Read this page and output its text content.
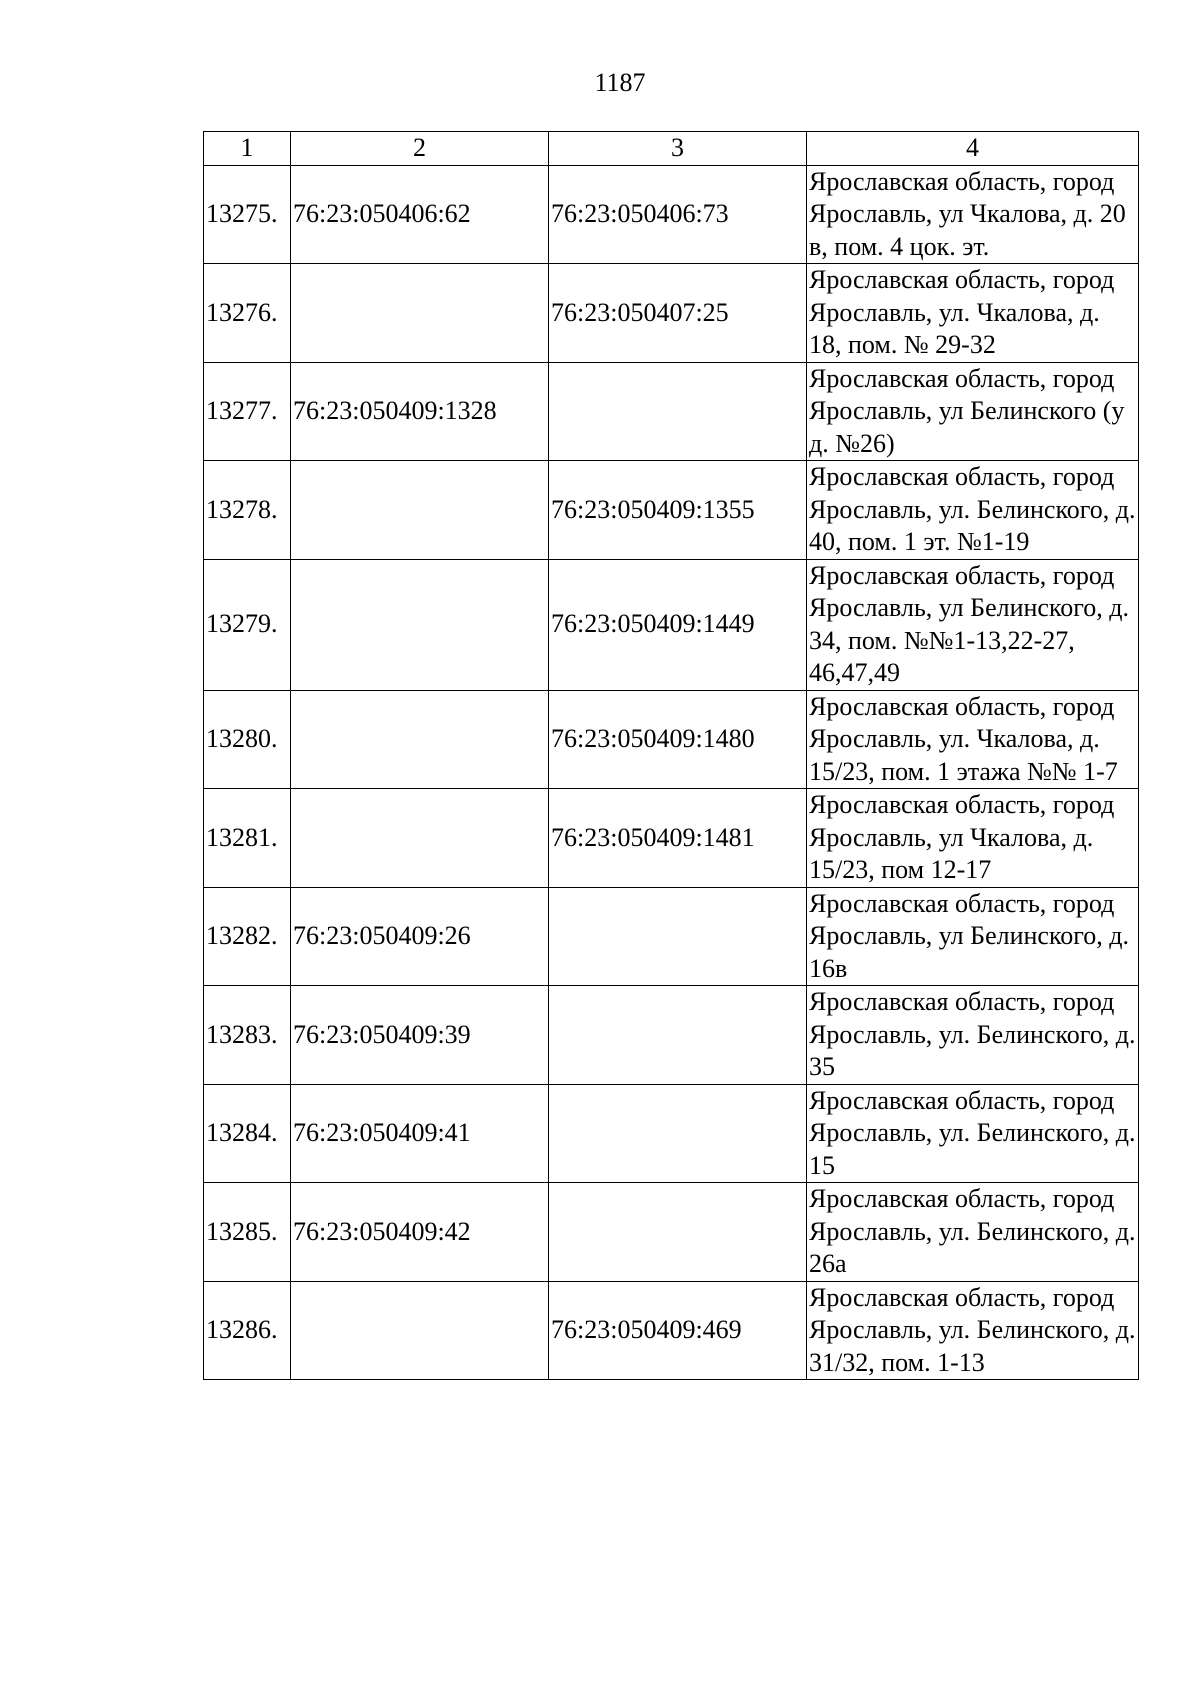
1187
1	2	3	4
13275.	76:23:050406:62	76:23:050406:73	Ярославская область, город Ярославль, ул Чкалова, д. 20 в, пом. 4 цок. эт.
13276.		76:23:050407:25	Ярославская область, город Ярославль, ул. Чкалова, д. 18, пом. № 29-32
13277.	76:23:050409:1328		Ярославская область, город Ярославль, ул Белинского (у д. №26)
13278.		76:23:050409:1355	Ярославская область, город Ярославль, ул. Белинского, д. 40, пом. 1 эт. №1-19
13279.		76:23:050409:1449	Ярославская область, город Ярославль, ул Белинского, д. 34, пом. №№1-13,22-27, 46,47,49
13280.		76:23:050409:1480	Ярославская область, город Ярославль, ул. Чкалова, д. 15/23, пом. 1 этажа №№ 1-7
13281.		76:23:050409:1481	Ярославская область, город Ярославль, ул Чкалова, д. 15/23, пом 12-17
13282.	76:23:050409:26		Ярославская область, город Ярославль, ул Белинского, д. 16в
13283.	76:23:050409:39		Ярославская область, город Ярославль, ул. Белинского, д. 35
13284.	76:23:050409:41		Ярославская область, город Ярославль, ул. Белинского, д. 15
13285.	76:23:050409:42		Ярославская область, город Ярославль, ул. Белинского, д. 26а
13286.		76:23:050409:469	Ярославская область, город Ярославль, ул. Белинского, д. 31/32, пом. 1-13
